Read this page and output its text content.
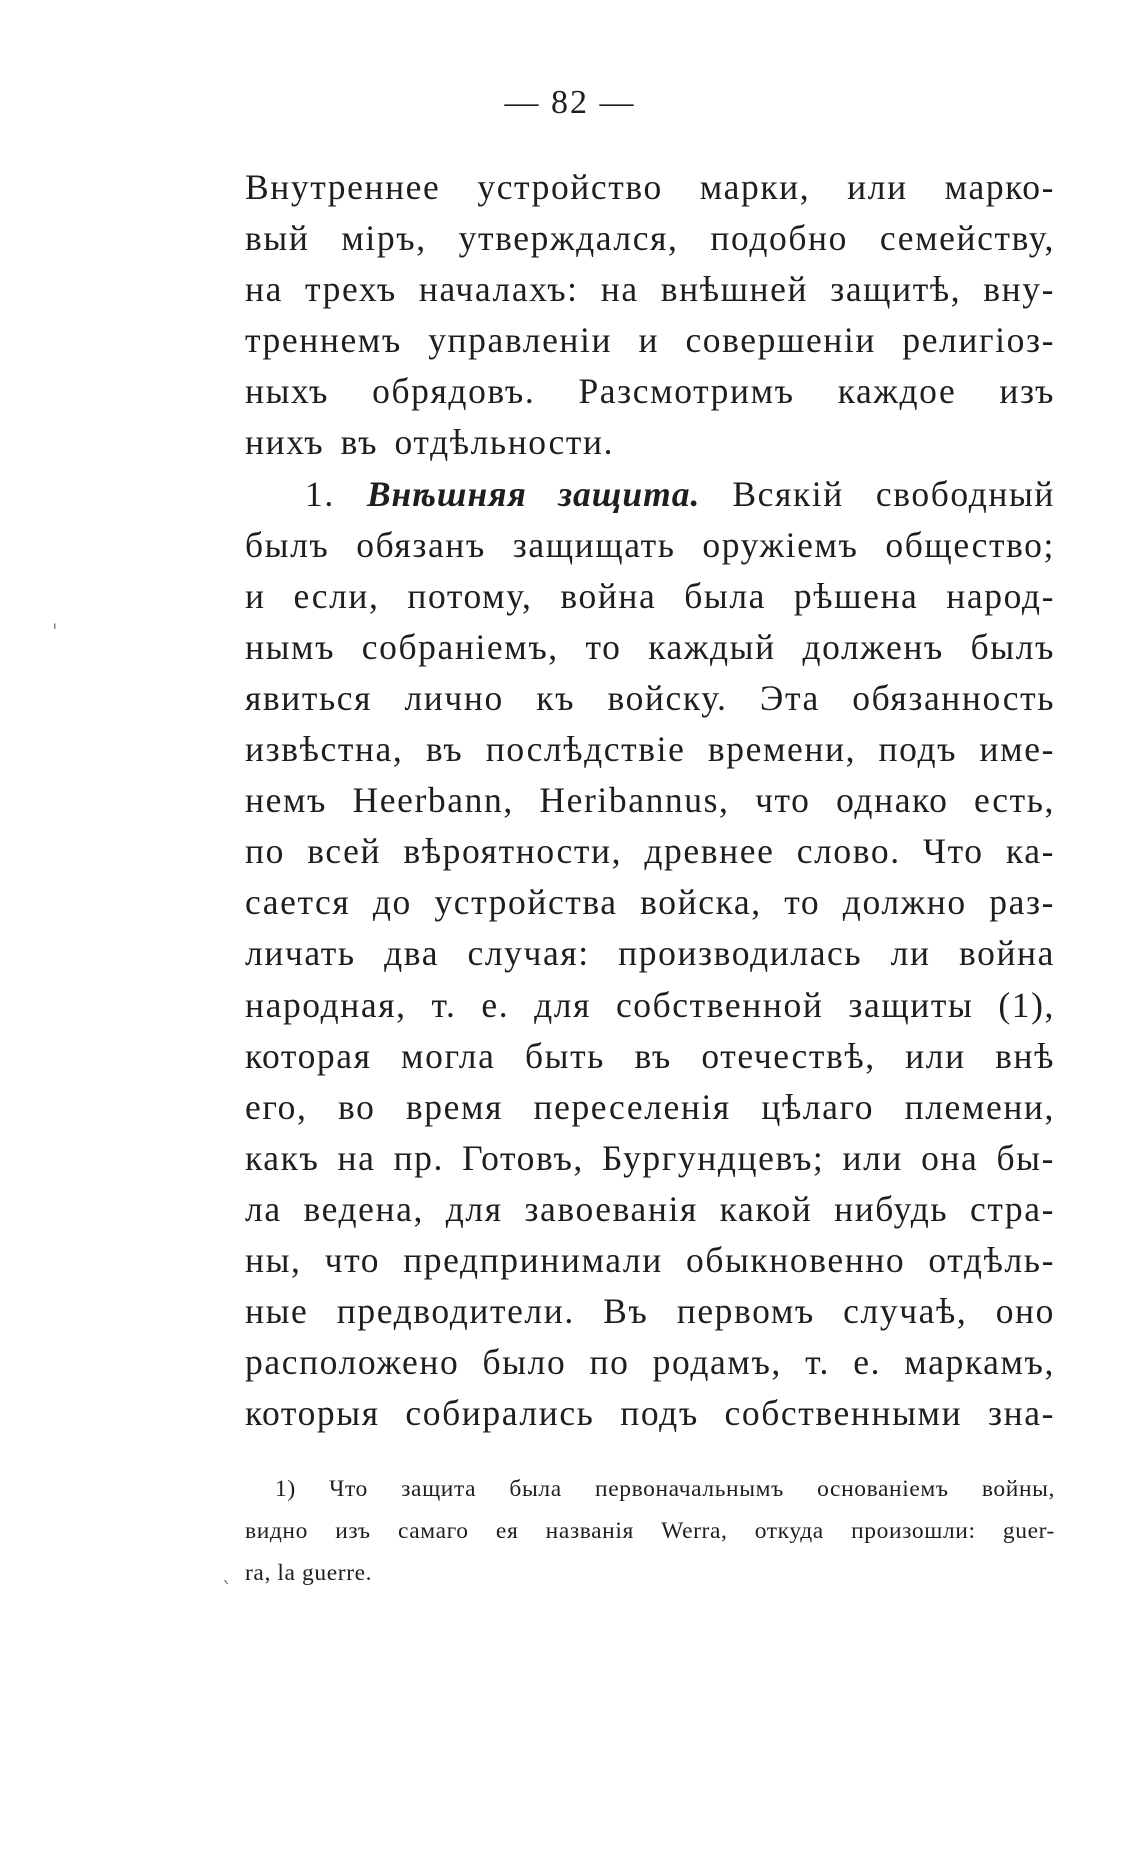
— 82 —
Внутреннее устройство марки, или марко-
вый міръ, утверждался, подобно семейству,
на трехъ началахъ: на внѣшней защитѣ, вну-
треннемъ управленіи и совершеніи религіоз-
ныхъ обрядовъ. Разсмотримъ каждое изъ
нихъ въ отдѣльности.
1. Внѣшняя защита. Всякій свободный
былъ обязанъ защищать оружіемъ общество;
и если, потому, война была рѣшена народ-
нымъ собраніемъ, то каждый долженъ былъ
явиться лично къ войску. Эта обязанность
извѣстна, въ послѣдствіе времени, подъ име-
немъ Heerbann, Heribannus, что однако есть,
по всей вѣроятности, древнее слово. Что ка-
сается до устройства войска, то должно раз-
личать два случая: производилась ли война
народная, т. е. для собственной защиты (1),
которая могла быть въ отечествѣ, или внѣ
его, во время переселенія цѣлаго племени,
какъ на пр. Готовъ, Бургундцевъ; или она бы-
ла ведена, для завоеванія какой нибудь стра-
ны, что предпринимали обыкновенно отдѣль-
ные предводители. Въ первомъ случаѣ, оно
расположено было по родамъ, т. е. маркамъ,
которыя собирались подъ собственными зна-
1) Что защита была первоначальнымъ основаніемъ войны,
видно изъ самаго ея названія Werra, откуда произошли: guer-
ra, la guerre.
ˎ
ˈ
